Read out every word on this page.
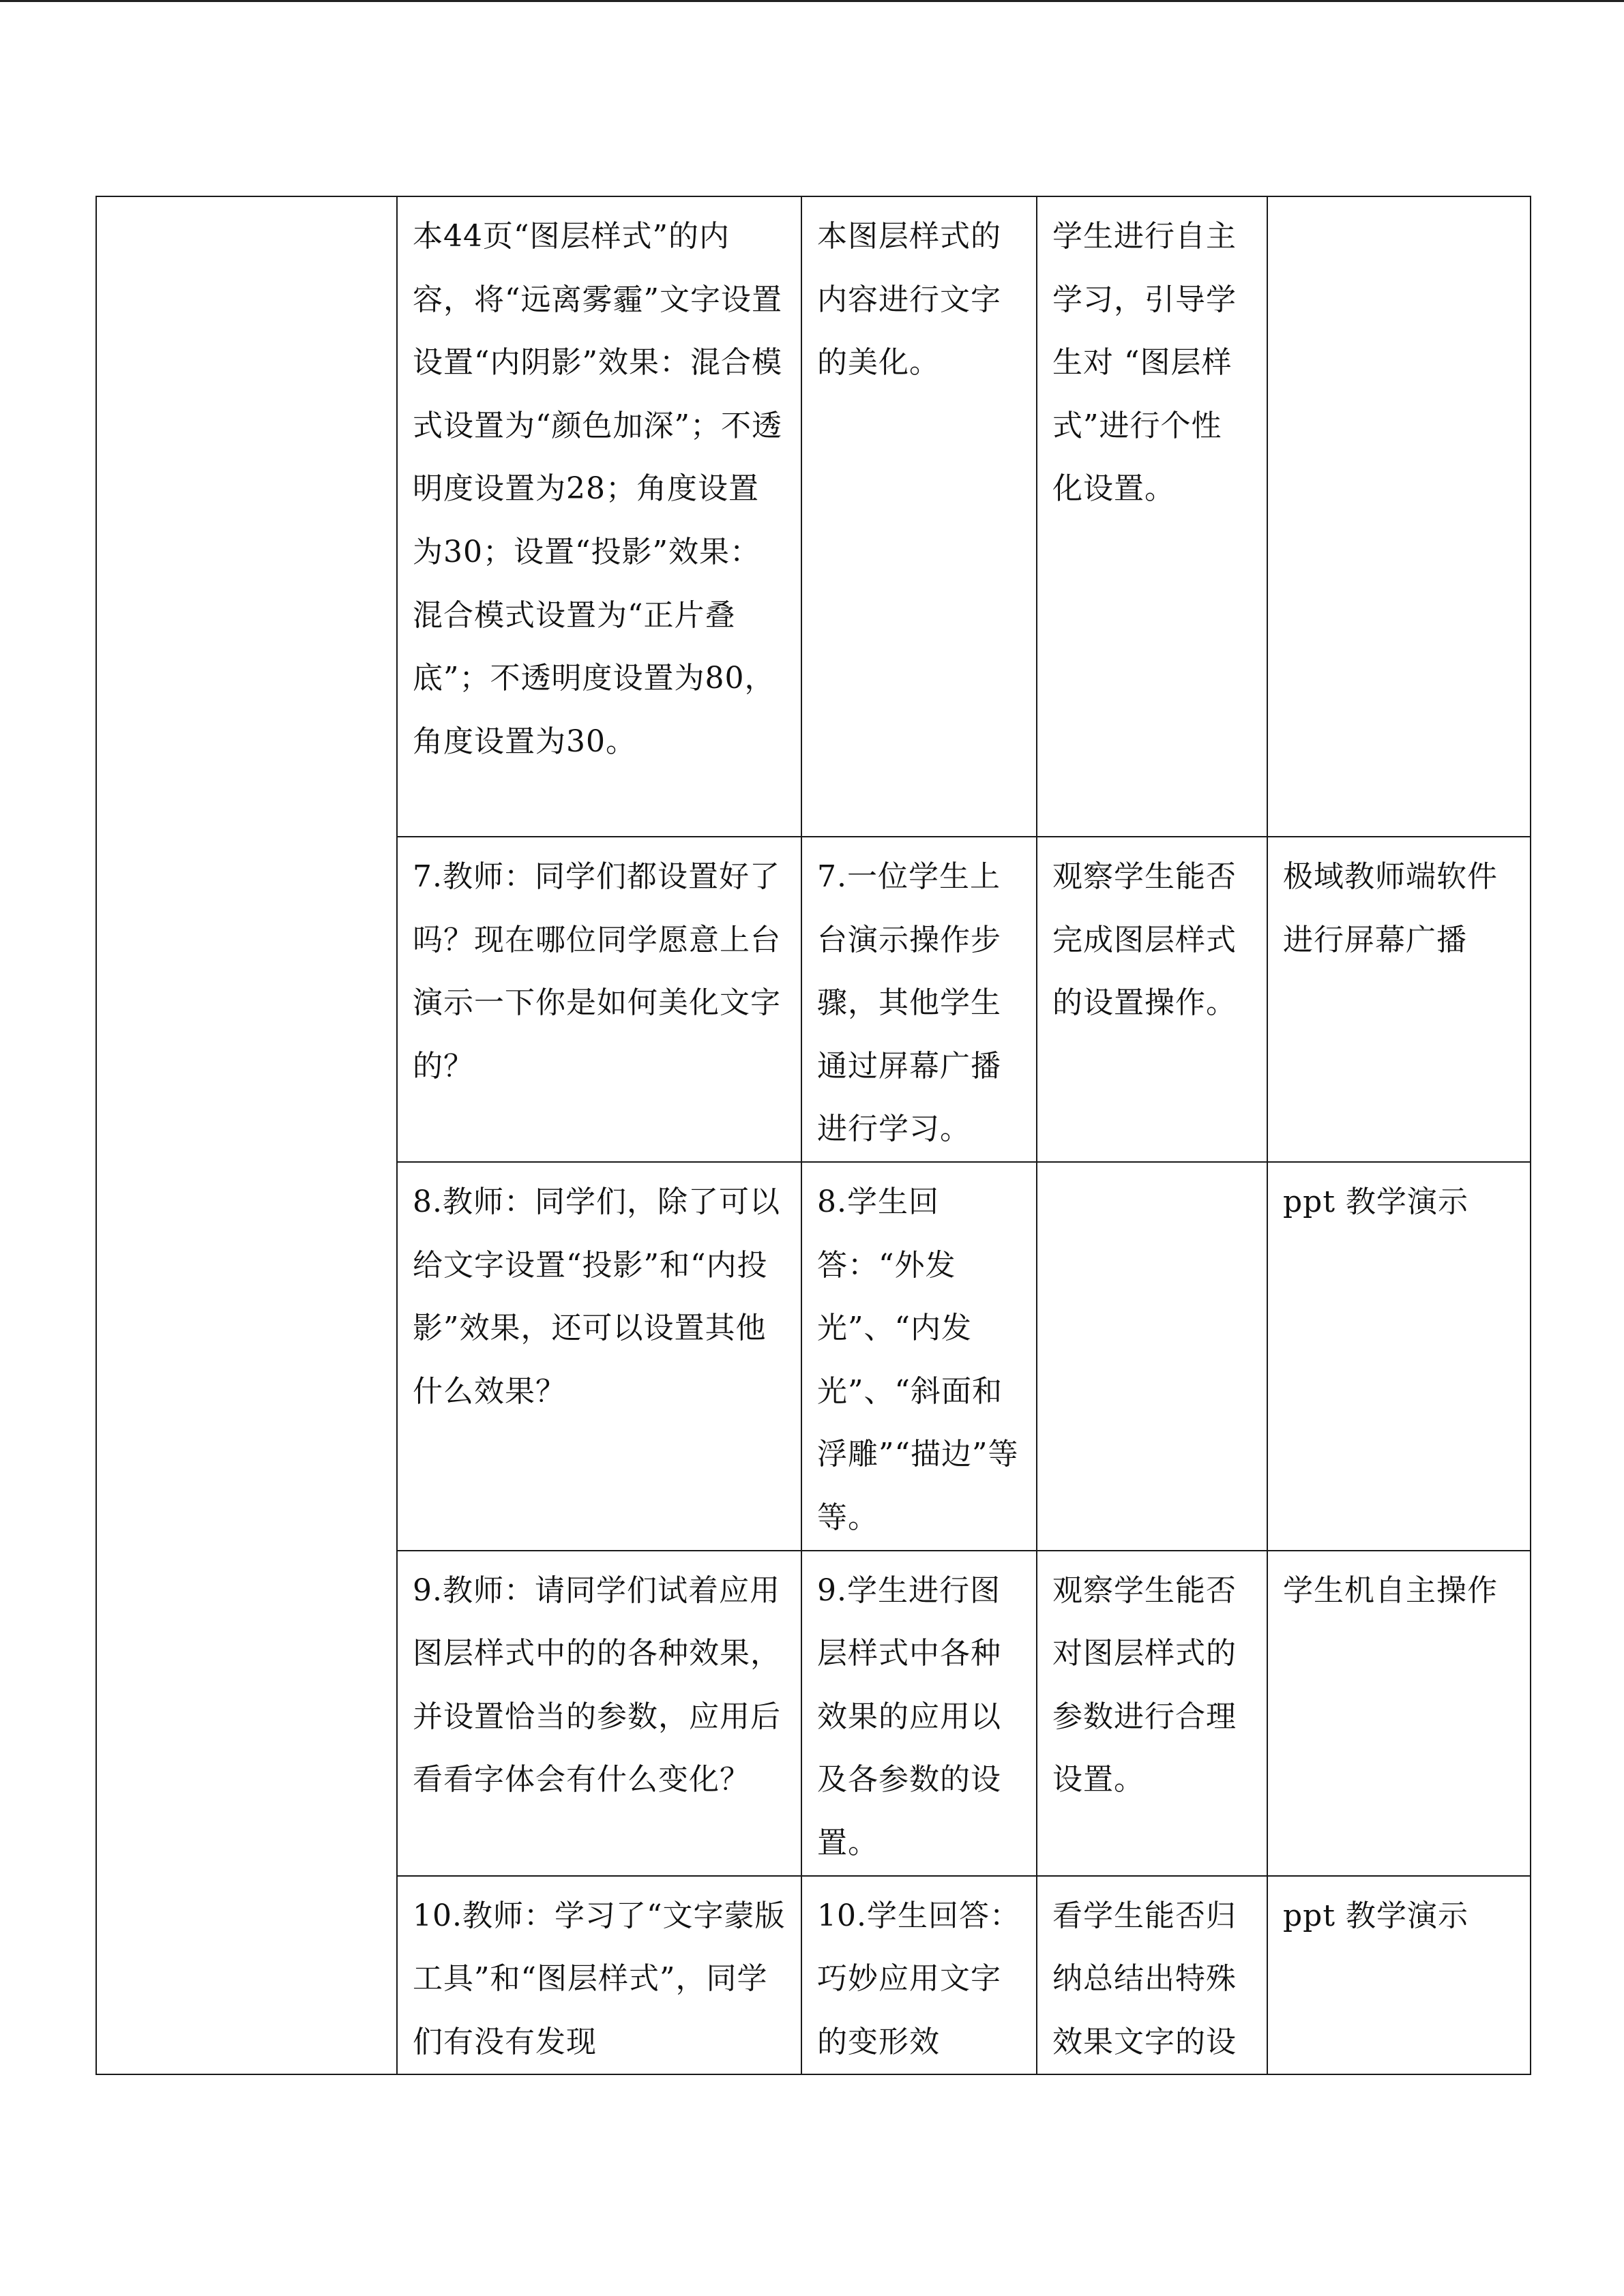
	本44页“图层样式”的内容，将“远离雾霾”文字设置设置“内阴影”效果：混合模式设置为“颜色加深”；不透明度设置为28；角度设置为30；设置“投影”效果：混合模式设置为“正片叠底”；不透明度设置为80，角度设置为30。	本图层样式的内容进行文字的美化。	学生进行自主学习，引导学生对 “图层样式”进行个性化设置。	

	7.教师：同学们都设置好了吗？现在哪位同学愿意上台演示一下你是如何美化文字的？	7.一位学生上台演示操作步骤，其他学生通过屏幕广播进行学习。	观察学生能否完成图层样式的设置操作。	极域教师端软件进行屏幕广播

	8.教师：同学们，除了可以给文字设置“投影”和“内投影”效果，还可以设置其他什么效果？	8.学生回答：“外发光”、“内发光”、“斜面和浮雕”“描边”等等。		ppt 教学演示

	9.教师：请同学们试着应用图层样式中的的各种效果，并设置恰当的参数，应用后看看字体会有什么变化？	9.学生进行图层样式中各种效果的应用以及各参数的设置。	观察学生能否对图层样式的参数进行合理设置。	学生机自主操作

	10.教师：学习了“文字蒙版工具”和“图层样式”，同学们有没有发现	10.学生回答：巧妙应用文字的变形效	看学生能否归纳总结出特殊效果文字的设	ppt 教学演示
